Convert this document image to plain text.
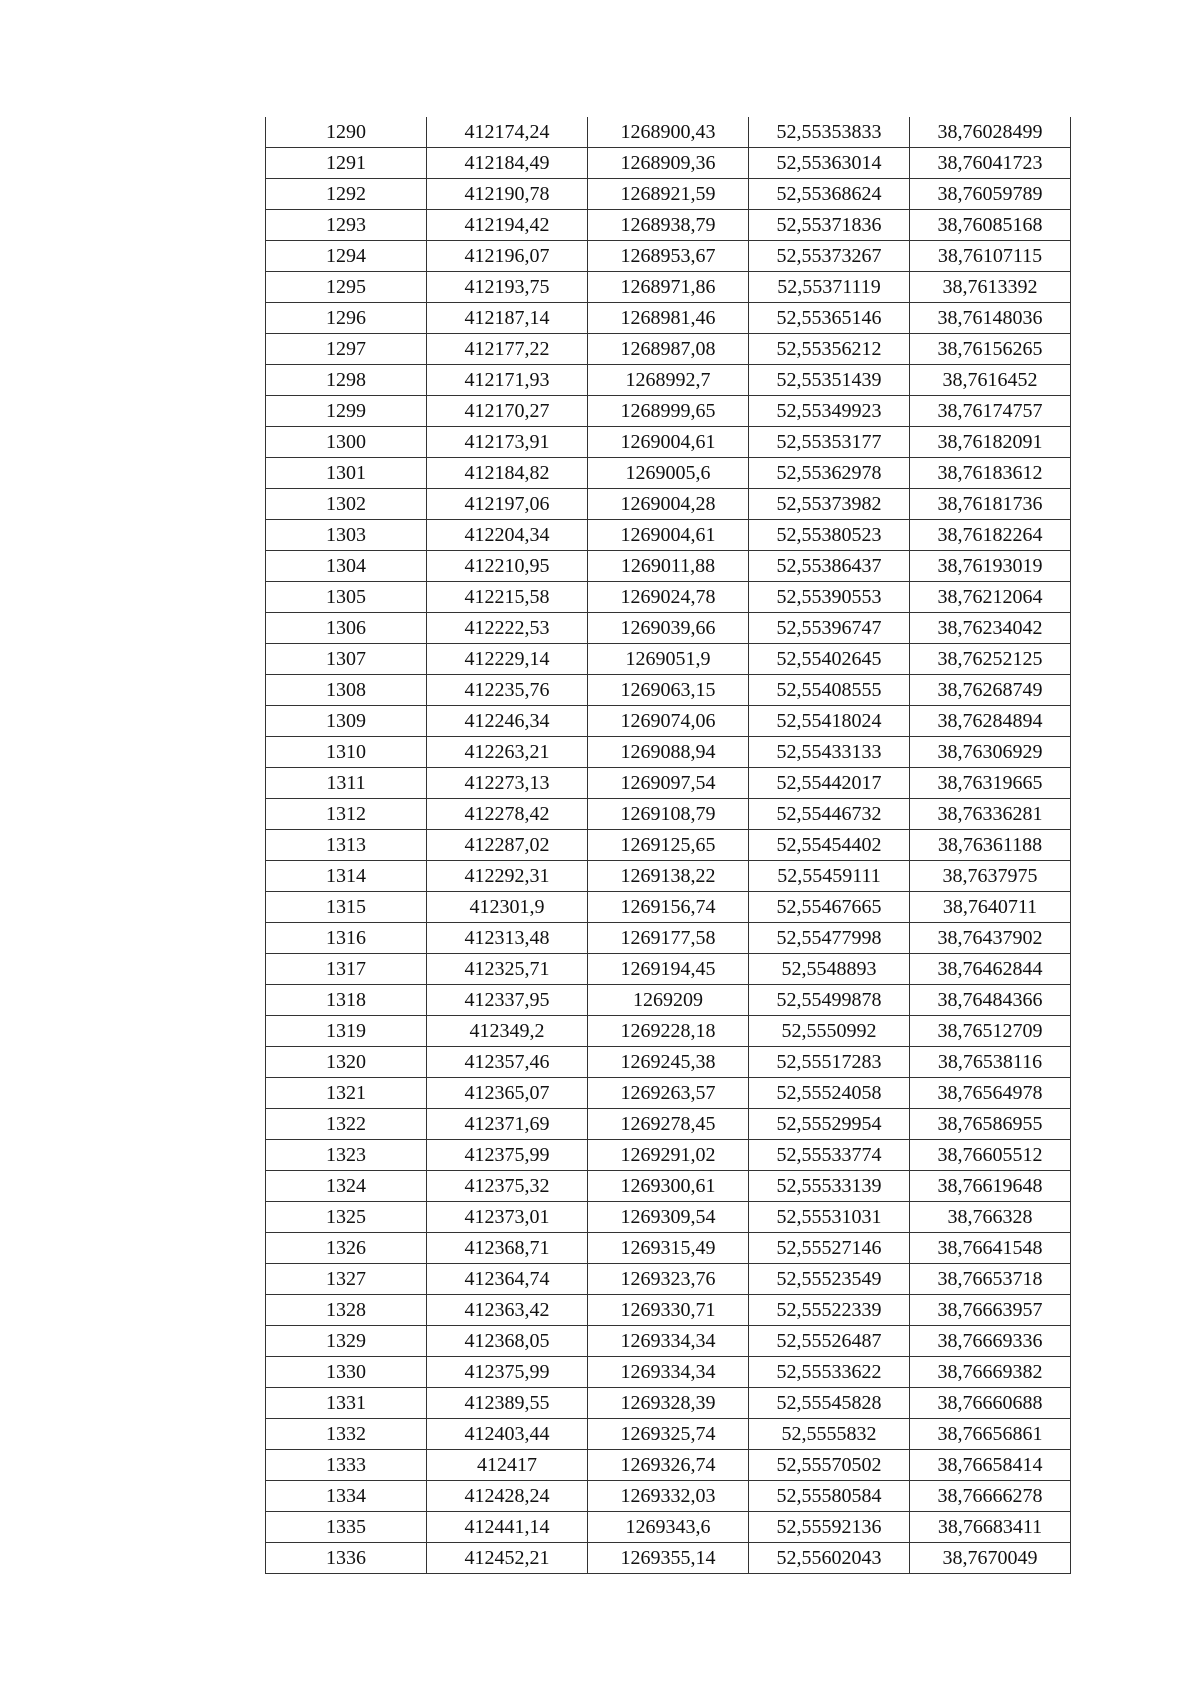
1290	412174,24	1268900,43	52,55353833	38,76028499
1291	412184,49	1268909,36	52,55363014	38,76041723
1292	412190,78	1268921,59	52,55368624	38,76059789
1293	412194,42	1268938,79	52,55371836	38,76085168
1294	412196,07	1268953,67	52,55373267	38,76107115
1295	412193,75	1268971,86	52,55371119	38,7613392
1296	412187,14	1268981,46	52,55365146	38,76148036
1297	412177,22	1268987,08	52,55356212	38,76156265
1298	412171,93	1268992,7	52,55351439	38,7616452
1299	412170,27	1268999,65	52,55349923	38,76174757
1300	412173,91	1269004,61	52,55353177	38,76182091
1301	412184,82	1269005,6	52,55362978	38,76183612
1302	412197,06	1269004,28	52,55373982	38,76181736
1303	412204,34	1269004,61	52,55380523	38,76182264
1304	412210,95	1269011,88	52,55386437	38,76193019
1305	412215,58	1269024,78	52,55390553	38,76212064
1306	412222,53	1269039,66	52,55396747	38,76234042
1307	412229,14	1269051,9	52,55402645	38,76252125
1308	412235,76	1269063,15	52,55408555	38,76268749
1309	412246,34	1269074,06	52,55418024	38,76284894
1310	412263,21	1269088,94	52,55433133	38,76306929
1311	412273,13	1269097,54	52,55442017	38,76319665
1312	412278,42	1269108,79	52,55446732	38,76336281
1313	412287,02	1269125,65	52,55454402	38,76361188
1314	412292,31	1269138,22	52,55459111	38,7637975
1315	412301,9	1269156,74	52,55467665	38,7640711
1316	412313,48	1269177,58	52,55477998	38,76437902
1317	412325,71	1269194,45	52,5548893	38,76462844
1318	412337,95	1269209	52,55499878	38,76484366
1319	412349,2	1269228,18	52,5550992	38,76512709
1320	412357,46	1269245,38	52,55517283	38,76538116
1321	412365,07	1269263,57	52,55524058	38,76564978
1322	412371,69	1269278,45	52,55529954	38,76586955
1323	412375,99	1269291,02	52,55533774	38,76605512
1324	412375,32	1269300,61	52,55533139	38,76619648
1325	412373,01	1269309,54	52,55531031	38,766328
1326	412368,71	1269315,49	52,55527146	38,76641548
1327	412364,74	1269323,76	52,55523549	38,76653718
1328	412363,42	1269330,71	52,55522339	38,76663957
1329	412368,05	1269334,34	52,55526487	38,76669336
1330	412375,99	1269334,34	52,55533622	38,76669382
1331	412389,55	1269328,39	52,55545828	38,76660688
1332	412403,44	1269325,74	52,5555832	38,76656861
1333	412417	1269326,74	52,55570502	38,76658414
1334	412428,24	1269332,03	52,55580584	38,76666278
1335	412441,14	1269343,6	52,55592136	38,76683411
1336	412452,21	1269355,14	52,55602043	38,7670049
